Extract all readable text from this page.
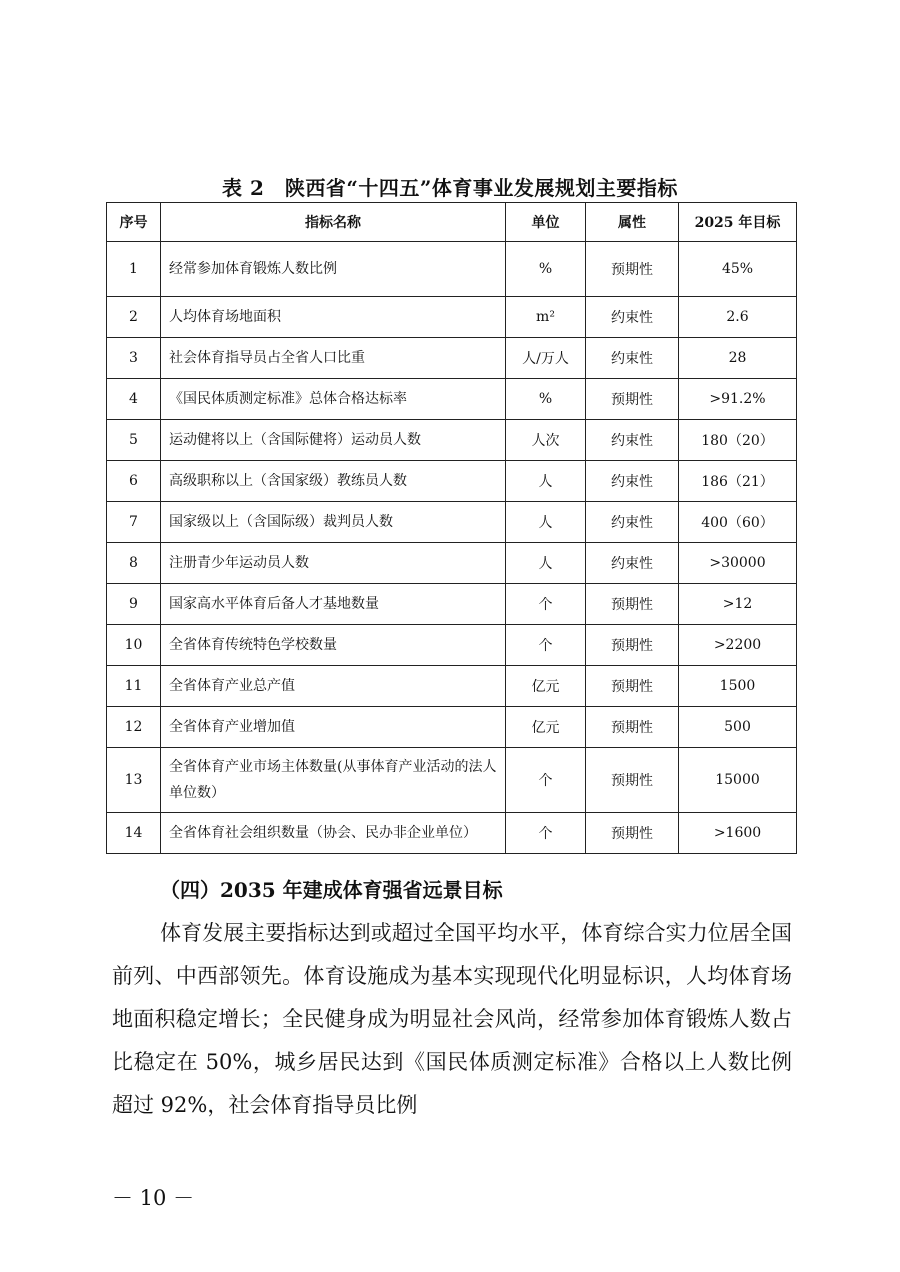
表 2　陕西省“十四五”体育事业发展规划主要指标
序号	指标名称	单位	属性	2025 年目标
1	经常参加体育锻炼人数比例	%	预期性	45%
2	人均体育场地面积	m²	约束性	2.6
3	社会体育指导员占全省人口比重	人/万人	约束性	28
4	《国民体质测定标准》总体合格达标率	%	预期性	>91.2%
5	运动健将以上（含国际健将）运动员人数	人次	约束性	180（20）
6	高级职称以上（含国家级）教练员人数	人	约束性	186（21）
7	国家级以上（含国际级）裁判员人数	人	约束性	400（60）
8	注册青少年运动员人数	人	约束性	>30000
9	国家高水平体育后备人才基地数量	个	预期性	>12
10	全省体育传统特色学校数量	个	预期性	>2200
11	全省体育产业总产值	亿元	预期性	1500
12	全省体育产业增加值	亿元	预期性	500
13	全省体育产业市场主体数量(从事体育产业活动的法人单位数）	个	预期性	15000
14	全省体育社会组织数量（协会、民办非企业单位）	个	预期性	>1600
（四）2035 年建成体育强省远景目标

体育发展主要指标达到或超过全国平均水平，体育综合实力位居全国前列、中西部领先。体育设施成为基本实现现代化明显标识，人均体育场地面积稳定增长；全民健身成为明显社会风尚，经常参加体育锻炼人数占比稳定在 50%，城乡居民达到《国民体质测定标准》合格以上人数比例超过 92%，社会体育指导员比例

－ 10 －
